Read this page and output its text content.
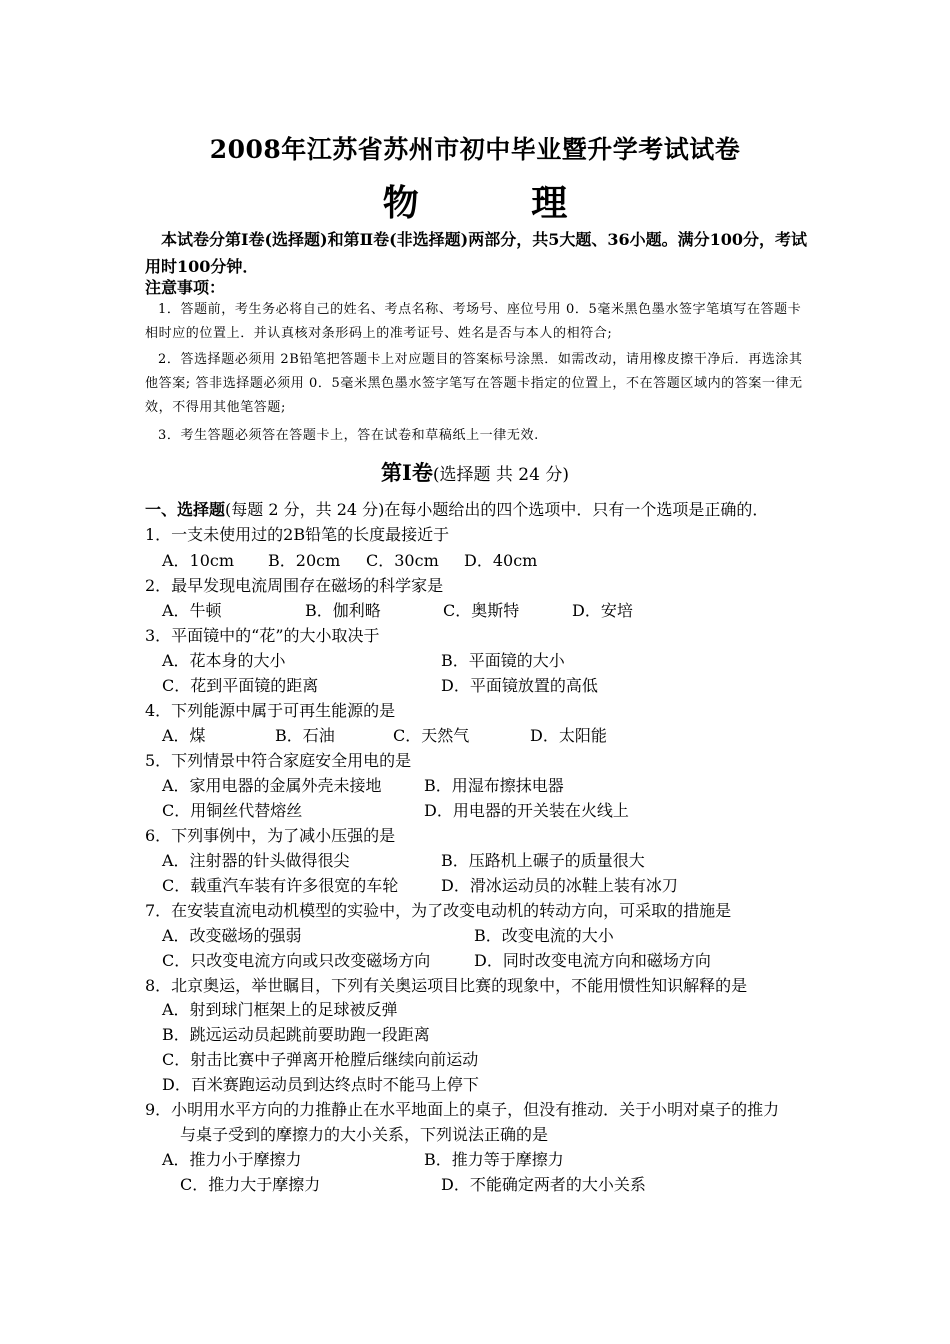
2008年江苏省苏州市初中毕业暨升学考试试卷
物 理
本试卷分第Ⅰ卷(选择题)和第Ⅱ卷(非选择题)两部分，共5大题、36小题。满分100分，考试用时100分钟．
注意事项：
1．答题前，考生务必将自己的姓名、考点名称、考场号、座位号用 0．5毫米黑色墨水签字笔填写在答题卡相时应的位置上．并认真核对条形码上的准考证号、姓名是否与本人的相符合;
2．答选择题必须用 2B铅笔把答题卡上对应题目的答案标号涂黑．如需改动，请用橡皮擦干净后．再选涂其他答案; 答非选择题必须用 0．5毫米黑色墨水签字笔写在答题卡指定的位置上，不在答题区域内的答案一律无效，不得用其他笔答题;
3．考生答题必须答在答题卡上，答在试卷和草稿纸上一律无效.
第Ⅰ卷(选择题 共 24 分)
一、选择题(每题 2 分，共 24 分)在每小题给出的四个选项中．只有一个选项是正确的．
1．一支未使用过的2B铅笔的长度最接近于
A．10cm B．20cm C．30cm D．40cm
2．最早发现电流周围存在磁场的科学家是
A．牛顿	B．伽利略	C．奥斯特	D．安培
3．平面镜中的“花”的大小取决于
A．花本身的大小	B．平面镜的大小
C．花到平面镜的距离	D．平面镜放置的高低
4．下列能源中属于可再生能源的是
A．煤	B．石油	C．天然气	D．太阳能
5．下列情景中符合家庭安全用电的是
A．家用电器的金属外壳未接地	B．用湿布擦抹电器
C．用铜丝代替熔丝	D．用电器的开关装在火线上
6．下列事例中，为了减小压强的是
A．注射器的针头做得很尖	B．压路机上碾子的质量很大
C．载重汽车装有许多很宽的车轮	D．滑冰运动员的冰鞋上装有冰刀
7．在安装直流电动机模型的实验中，为了改变电动机的转动方向，可采取的措施是
A．改变磁场的强弱	B．改变电流的大小
C．只改变电流方向或只改变磁场方向	D．同时改变电流方向和磁场方向
8．北京奥运，举世瞩目，下列有关奥运项目比赛的现象中，不能用惯性知识解释的是
A．射到球门框架上的足球被反弹
B．跳远运动员起跳前要助跑一段距离
C．射击比赛中子弹离开枪膛后继续向前运动
D．百米赛跑运动员到达终点时不能马上停下
9．小明用水平方向的力推静止在水平地面上的桌子，但没有推动．关于小明对桌子的推力
与桌子受到的摩擦力的大小关系，下列说法正确的是
A．推力小于摩擦力	B．推力等于摩擦力
C．推力大于摩擦力	D．不能确定两者的大小关系
